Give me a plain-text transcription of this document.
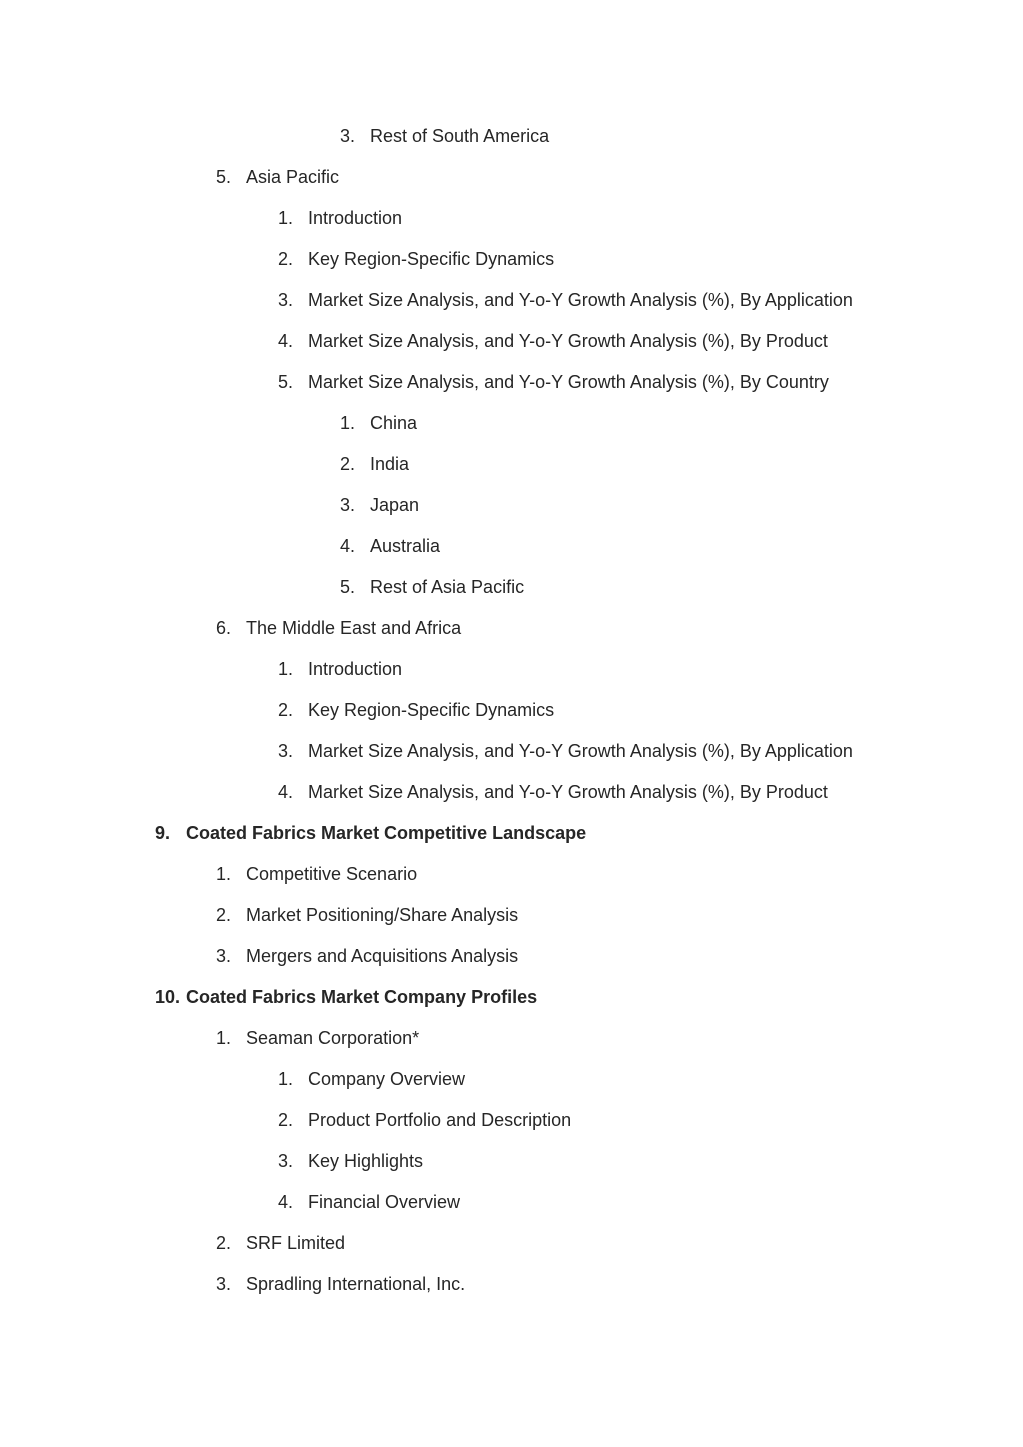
3. Rest of South America
5. Asia Pacific
1. Introduction
2. Key Region-Specific Dynamics
3. Market Size Analysis, and Y-o-Y Growth Analysis (%), By Application
4. Market Size Analysis, and Y-o-Y Growth Analysis (%), By Product
5. Market Size Analysis, and Y-o-Y Growth Analysis (%), By Country
1. China
2. India
3. Japan
4. Australia
5. Rest of Asia Pacific
6. The Middle East and Africa
1. Introduction
2. Key Region-Specific Dynamics
3. Market Size Analysis, and Y-o-Y Growth Analysis (%), By Application
4. Market Size Analysis, and Y-o-Y Growth Analysis (%), By Product
9. Coated Fabrics Market Competitive Landscape
1. Competitive Scenario
2. Market Positioning/Share Analysis
3. Mergers and Acquisitions Analysis
10. Coated Fabrics Market Company Profiles
1. Seaman Corporation*
1. Company Overview
2. Product Portfolio and Description
3. Key Highlights
4. Financial Overview
2. SRF Limited
3. Spradling International, Inc.
